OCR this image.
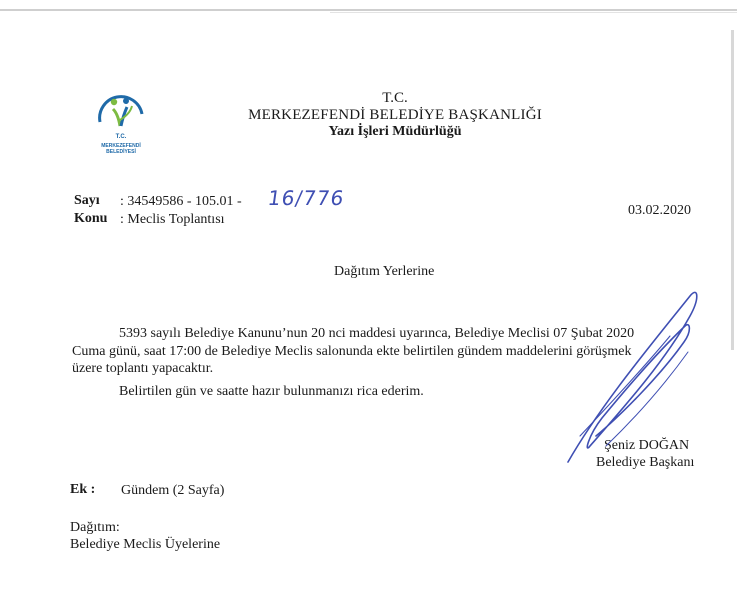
T.C.
MERKEZEFENDİ
BELEDİYESİ
T.C.
MERKEZEFENDİ BELEDİYE BAŞKANLIĞI
Yazı İşleri Müdürlüğü
Sayı : 34549586 - 105.01 - 16/776
Konu : Meclis Toplantısı
03.02.2020
Dağıtım Yerlerine
5393 sayılı Belediye Kanunu’nun 20 nci maddesi uyarınca, Belediye Meclisi 07 Şubat 2020
Cuma günü, saat 17:00 de Belediye Meclis salonunda ekte belirtilen gündem maddelerini görüşmek
üzere toplantı yapacaktır.
Belirtilen gün ve saatte hazır bulunmanızı rica ederim.
Şeniz DOĞAN
Belediye Başkanı
Ek : Gündem (2 Sayfa)
Dağıtım:
Belediye Meclis Üyelerine
